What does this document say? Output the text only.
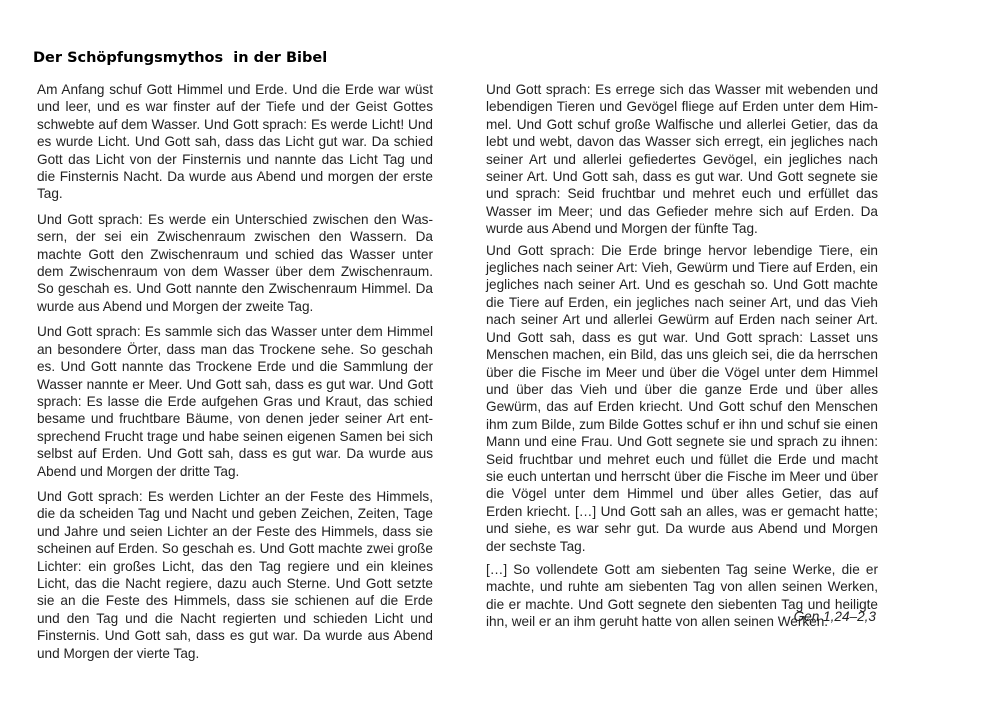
Der Schöpfungsmythos  in der Bibel

Am Anfang schuf Gott Himmel und Erde. Und die Erde war wüst und leer, und es war finster auf der Tiefe und der Geist Gottes schwebte auf dem Wasser. Und Gott sprach: Es werde Licht! Und es wurde Licht. Und Gott sah, dass das Licht gut war. Da schied Gott das Licht von der Finsternis und nannte das Licht Tag und die Finsternis Nacht. Da wurde aus Abend und morgen der erste Tag.

Und Gott sprach: Es werde ein Unterschied zwischen den Wassern, der sei ein Zwischenraum zwischen den Wassern. Da machte Gott den Zwischenraum und schied das Wasser unter dem Zwischenraum von dem Wasser über dem Zwischenraum. So geschah es. Und Gott nannte den Zwischenraum Himmel. Da wurde aus Abend und Morgen der zweite Tag.

Und Gott sprach: Es sammle sich das Wasser unter dem Himmel an besondere Örter, dass man das Trockene sehe. So geschah es. Und Gott nannte das Trockene Erde und die Sammlung der Wasser nannte er Meer. Und Gott sah, dass es gut war. Und Gott sprach: Es lasse die Erde aufgehen Gras und Kraut, das schied besame und fruchtbare Bäume, von denen jeder seiner Art entsprechend Frucht trage und habe seinen eigenen Samen bei sich selbst auf Erden. Und Gott sah, dass es gut war. Da wurde aus Abend und Morgen der dritte Tag.

Und Gott sprach: Es werden Lichter an der Feste des Himmels, die da scheiden Tag und Nacht und geben Zeichen, Zeiten, Tage und Jahre und seien Lichter an der Feste des Himmels, dass sie scheinen auf Erden. So geschah es. Und Gott machte zwei große Lichter: ein großes Licht, das den Tag regiere und ein kleines Licht, das die Nacht regiere, dazu auch Sterne. Und Gott setzte sie an die Feste des Himmels, dass sie schienen auf die Erde und den Tag und die Nacht regierten und schieden Licht und Finsternis. Und Gott sah, dass es gut war. Da wurde aus Abend und Morgen der vierte Tag.

Und Gott sprach: Es errege sich das Wasser mit webenden und lebendigen Tieren und Gevögel fliege auf Erden unter dem Himmel. Und Gott schuf große Walfische und allerlei Getier, das da lebt und webt, davon das Wasser sich erregt, ein jegliches nach seiner Art und allerlei gefiedertes Gevögel, ein jegliches nach seiner Art. Und Gott sah, dass es gut war. Und Gott segnete sie und sprach: Seid fruchtbar und mehret euch und erfüllet das Wasser im Meer; und das Gefieder mehre sich auf Erden. Da wurde aus Abend und Morgen der fünfte Tag.

Und Gott sprach: Die Erde bringe hervor lebendige Tiere, ein jegliches nach seiner Art: Vieh, Gewürm und Tiere auf Erden, ein jegliches nach seiner Art. Und es geschah so. Und Gott machte die Tiere auf Erden, ein jegliches nach seiner Art, und das Vieh nach seiner Art und allerlei Gewürm auf Erden nach seiner Art. Und Gott sah, dass es gut war. Und Gott sprach: Lasset uns Menschen machen, ein Bild, das uns gleich sei, die da herrschen über die Fische im Meer und über die Vögel unter dem Himmel und über das Vieh und über die ganze Erde und über alles Gewürm, das auf Erden kriecht. Und Gott schuf den Menschen ihm zum Bilde, zum Bilde Gottes schuf er ihn und schuf sie einen Mann und eine Frau. Und Gott segnete sie und sprach zu ihnen: Seid fruchtbar und mehret euch und füllet die Erde und macht sie euch untertan und herrscht über die Fische im Meer und über die Vögel unter dem Himmel und über alles Getier, das auf Erden kriecht. […] Und Gott sah an alles, was er gemacht hatte; und siehe, es war sehr gut. Da wurde aus Abend und Morgen der sechste Tag.

[…] So vollendete Gott am siebenten Tag seine Werke, die er machte, und ruhte am siebenten Tag von allen seinen Werken, die er machte. Und Gott segnete den siebenten Tag und heiligte ihn, weil er an ihm geruht hatte von allen seinen Werken.

Gen 1,24–2,3
